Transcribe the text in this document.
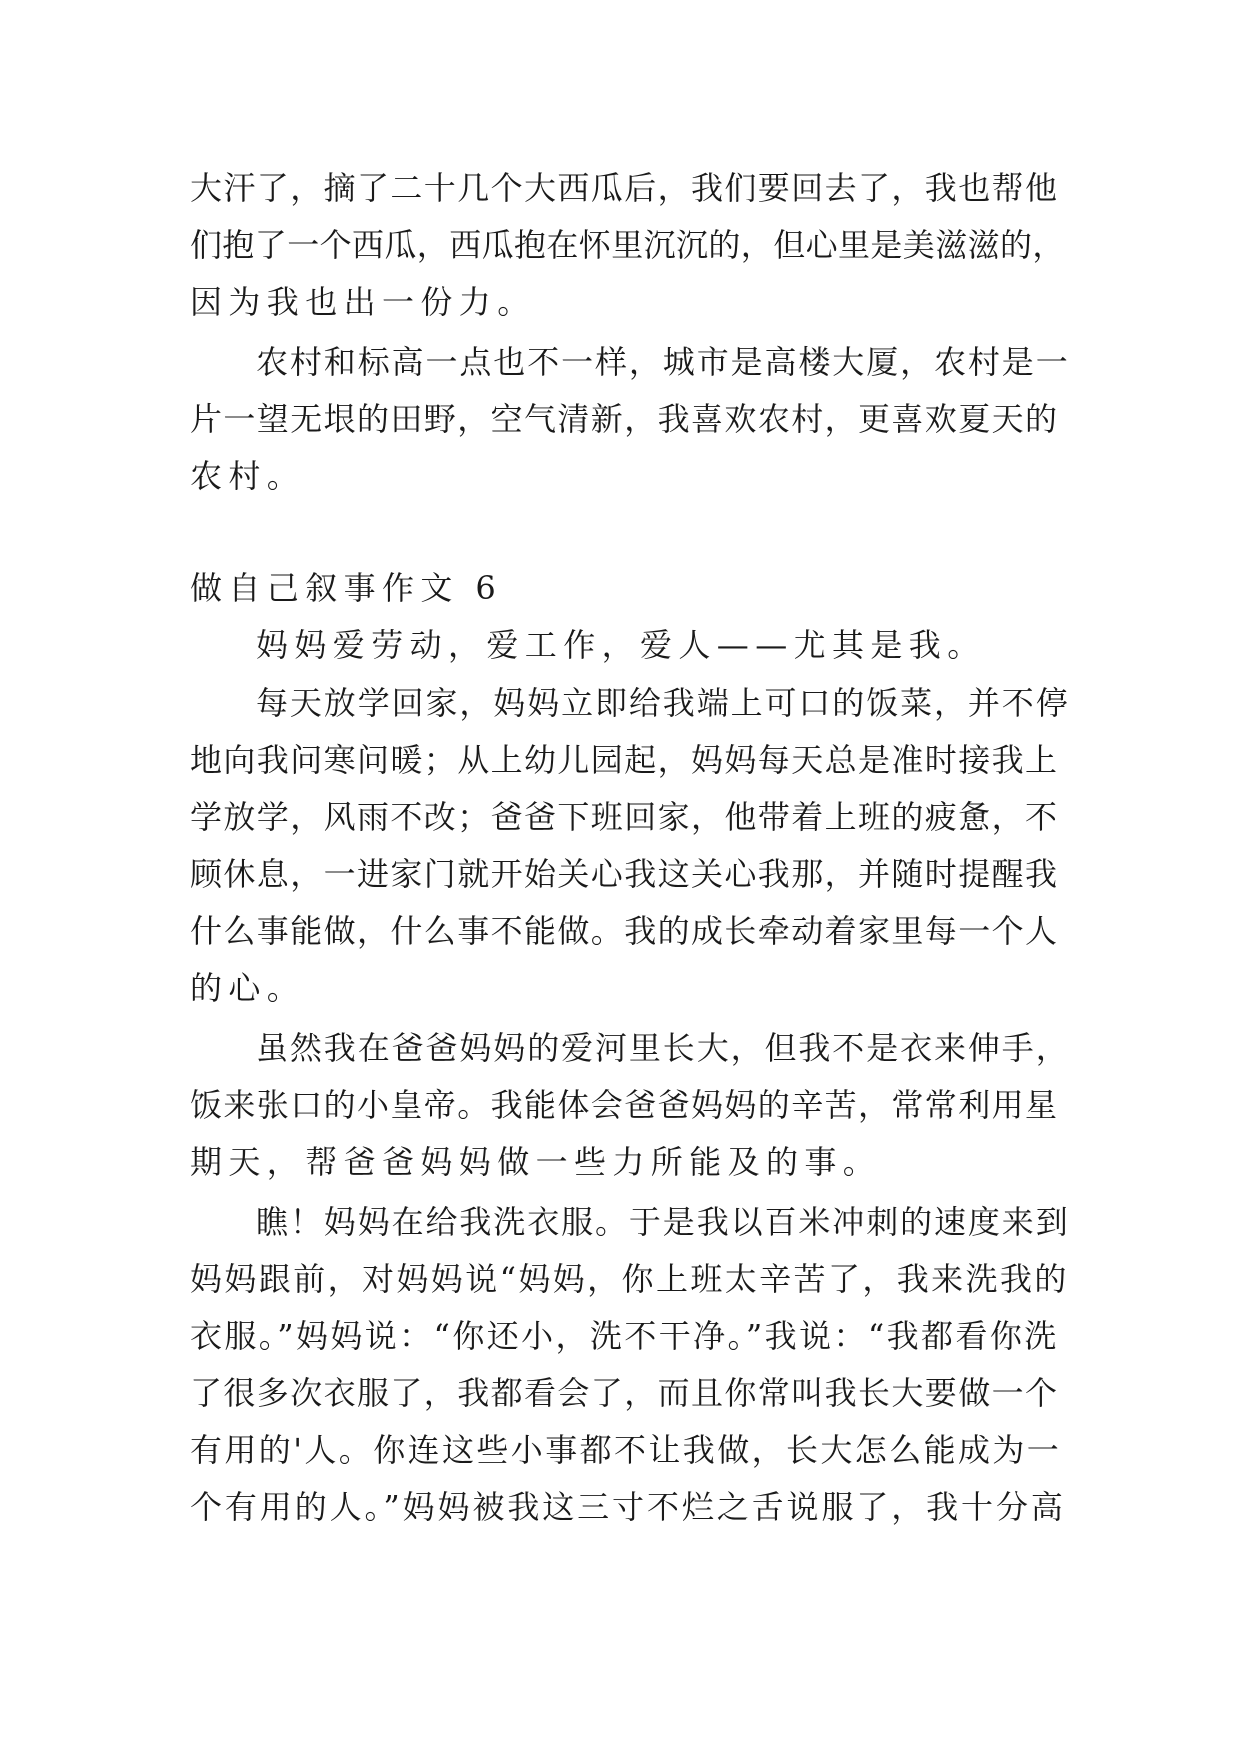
大汗了，摘了二十几个大西瓜后，我们要回去了，我也帮他
们抱了一个西瓜，西瓜抱在怀里沉沉的，但心里是美滋滋的，
因为我也出一份力。
农村和标高一点也不一样，城市是高楼大厦，农村是一
片一望无垠的田野，空气清新，我喜欢农村，更喜欢夏天的
农村。
做自己叙事作文 6
妈妈爱劳动，爱工作，爱人——尤其是我。
每天放学回家，妈妈立即给我端上可口的饭菜，并不停
地向我问寒问暖；从上幼儿园起，妈妈每天总是准时接我上
学放学，风雨不改；爸爸下班回家，他带着上班的疲惫，不
顾休息，一进家门就开始关心我这关心我那，并随时提醒我
什么事能做，什么事不能做。我的成长牵动着家里每一个人
的心。
虽然我在爸爸妈妈的爱河里长大，但我不是衣来伸手，
饭来张口的小皇帝。我能体会爸爸妈妈的辛苦，常常利用星
期天，帮爸爸妈妈做一些力所能及的事。
瞧！妈妈在给我洗衣服。于是我以百米冲刺的速度来到
妈妈跟前，对妈妈说“妈妈，你上班太辛苦了，我来洗我的
衣服。”妈妈说：“你还小，洗不干净。”我说：“我都看你洗
了很多次衣服了，我都看会了，而且你常叫我长大要做一个
有用的'人。你连这些小事都不让我做，长大怎么能成为一
个有用的人。”妈妈被我这三寸不烂之舌说服了，我十分高
